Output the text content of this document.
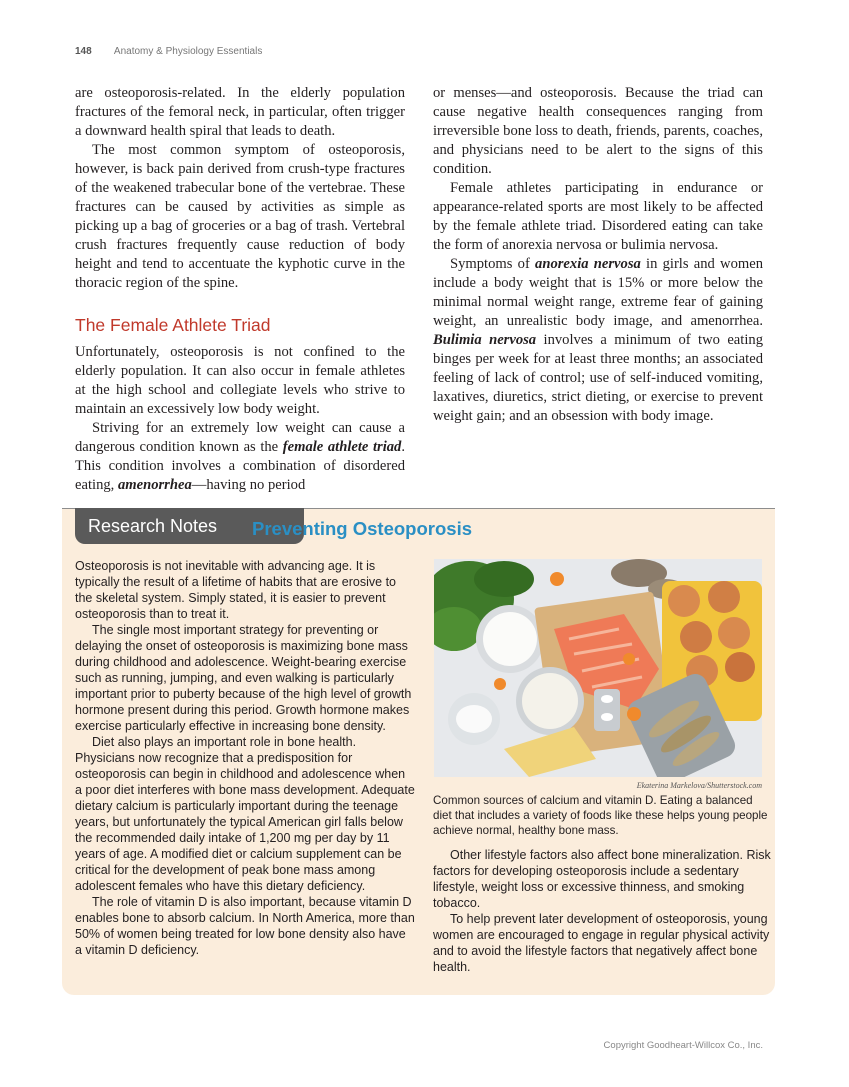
148 Anatomy & Physiology Essentials

are osteoporosis-related. In the elderly population fractures of the femoral neck, in particular, often trigger a downward health spiral that leads to death.

The most common symptom of osteoporosis, however, is back pain derived from crush-type fractures of the weakened trabecular bone of the vertebrae. These fractures can be caused by activities as simple as picking up a bag of groceries or a bag of trash. Vertebral crush fractures frequently cause reduction of body height and tend to accentuate the kyphotic curve in the thoracic region of the spine.

The Female Athlete Triad

Unfortunately, osteoporosis is not confined to the elderly population. It can also occur in female athletes at the high school and collegiate levels who strive to maintain an excessively low body weight.

Striving for an extremely low weight can cause a dangerous condition known as the female athlete triad. This condition involves a combination of disordered eating, amenorrhea—having no period

or menses—and osteoporosis. Because the triad can cause negative health consequences ranging from irreversible bone loss to death, friends, parents, coaches, and physicians need to be alert to the signs of this condition.

Female athletes participating in endurance or appearance-related sports are most likely to be affected by the female athlete triad. Disordered eating can take the form of anorexia nervosa or bulimia nervosa.

Symptoms of anorexia nervosa in girls and women include a body weight that is 15% or more below the minimal normal weight range, extreme fear of gaining weight, an unrealistic body image, and amenorrhea. Bulimia nervosa involves a minimum of two eating binges per week for at least three months; an associated feeling of lack of control; use of self-induced vomiting, laxatives, diuretics, strict dieting, or exercise to prevent weight gain; and an obsession with body image.

Research Notes	Preventing Osteoporosis

Osteoporosis is not inevitable with advancing age. It is typically the result of a lifetime of habits that are erosive to the skeletal system. Simply stated, it is easier to prevent osteoporosis than to treat it.

The single most important strategy for preventing or delaying the onset of osteoporosis is maximizing bone mass during childhood and adolescence. Weight-bearing exercise such as running, jumping, and even walking is particularly important prior to puberty because of the high level of growth hormone present during this period. Growth hormone makes exercise particularly effective in increasing bone density.

Diet also plays an important role in bone health. Physicians now recognize that a predisposition for osteoporosis can begin in childhood and adolescence when a poor diet interferes with bone mass development. Adequate dietary calcium is particularly important during the teenage years, but unfortunately the typical American girl falls below the recommended daily intake of 1,200 mg per day by 11 years of age. A modified diet or calcium supplement can be critical for the development of peak bone mass among adolescent females who have this dietary deficiency.

The role of vitamin D is also important, because vitamin D enables bone to absorb calcium. In North America, more than 50% of women being treated for low bone density also have a vitamin D deficiency.

Ekaterina Markelova/Shutterstock.com
Common sources of calcium and vitamin D. Eating a balanced diet that includes a variety of foods like these helps young people achieve normal, healthy bone mass.

Other lifestyle factors also affect bone mineralization. Risk factors for developing osteoporosis include a sedentary lifestyle, weight loss or excessive thinness, and smoking tobacco.

To help prevent later development of osteoporosis, young women are encouraged to engage in regular physical activity and to avoid the lifestyle factors that negatively affect bone health.

Copyright Goodheart-Willcox Co., Inc.
